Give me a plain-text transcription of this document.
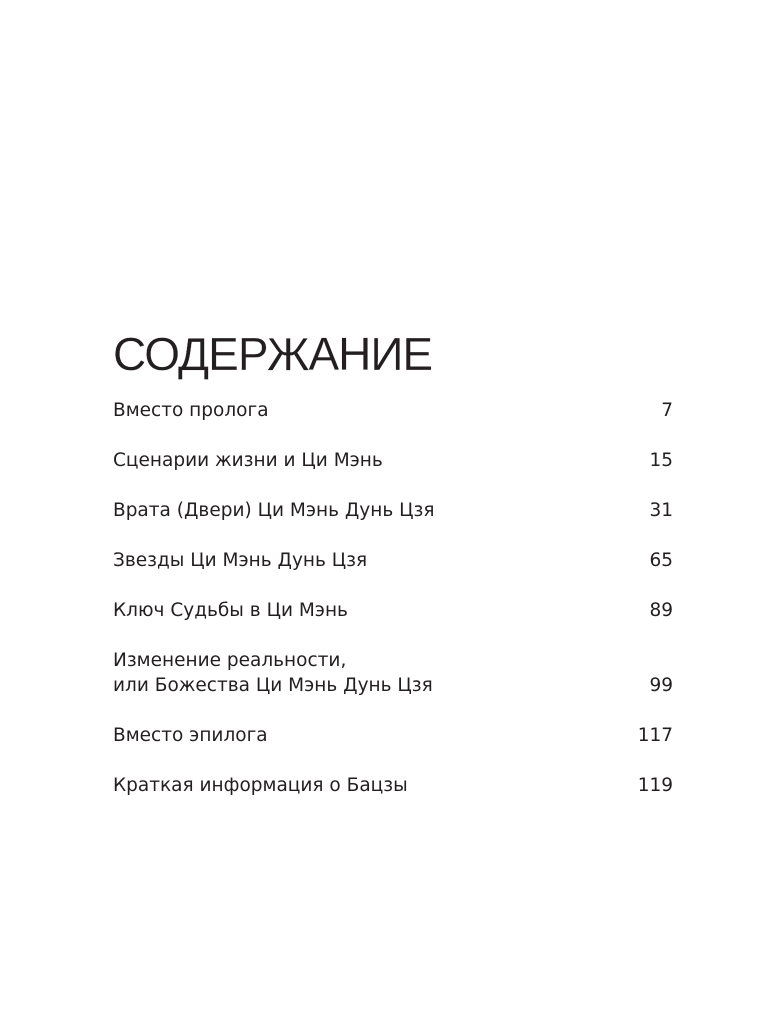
СОДЕРЖАНИЕ
Вместо пролога	7
Сценарии жизни и Ци Мэнь	15
Врата (Двери) Ци Мэнь Дунь Цзя	31
Звезды Ци Мэнь Дунь Цзя	65
Ключ Судьбы в Ци Мэнь	89
Изменение реальности,
или Божества Ци Мэнь Дунь Цзя	99
Вместо эпилога	117
Краткая информация о Бацзы	119
